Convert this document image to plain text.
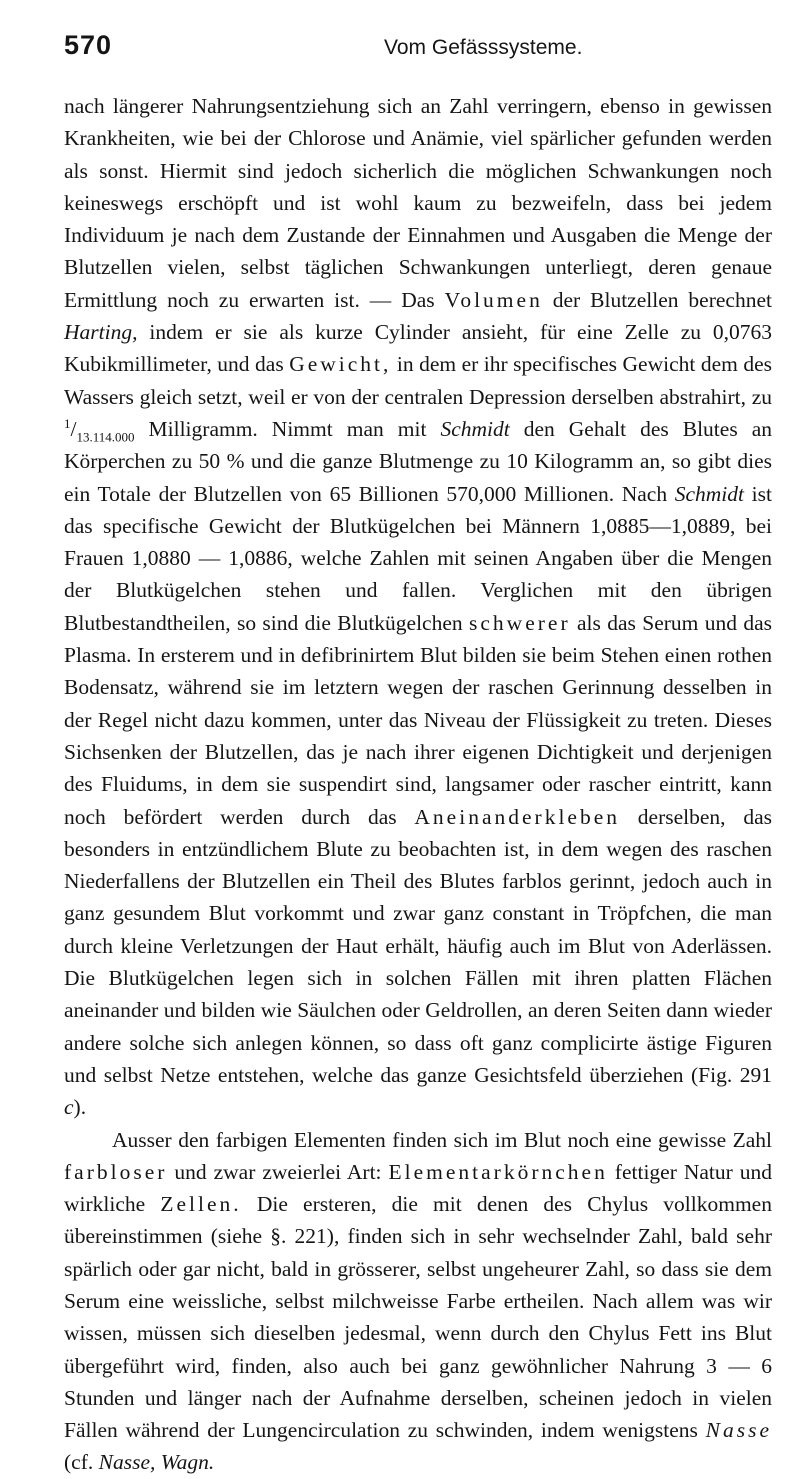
570	Vom Gefässsysteme.

nach längerer Nahrungsentziehung sich an Zahl verringern, ebenso in gewissen Krankheiten, wie bei der Chlorose und Anämie, viel spärlicher gefunden werden als sonst. Hiermit sind jedoch sicherlich die möglichen Schwankungen noch keineswegs erschöpft und ist wohl kaum zu bezweifeln, dass bei jedem Individuum je nach dem Zustande der Einnahmen und Ausgaben die Menge der Blutzellen vielen, selbst täglichen Schwankungen unterliegt, deren genaue Ermittlung noch zu erwarten ist. — Das Volumen der Blutzellen berechnet Harting, indem er sie als kurze Cylinder ansieht, für eine Zelle zu 0,0763 Kubikmillimeter, und das Gewicht, in dem er ihr specifisches Gewicht dem des Wassers gleich setzt, weil er von der centralen Depression derselben abstrahirt, zu $^1/_{13.114.000}$ Milligramm. Nimmt man mit Schmidt den Gehalt des Blutes an Körperchen zu 50 % und die ganze Blutmenge zu 10 Kilogramm an, so gibt dies ein Totale der Blutzellen von 65 Billionen 570,000 Millionen. Nach Schmidt ist das specifische Gewicht der Blutkügelchen bei Männern 1,0885—1,0889, bei Frauen 1,0880 — 1,0886, welche Zahlen mit seinen Angaben über die Mengen der Blutkügelchen stehen und fallen. Verglichen mit den übrigen Blutbestandtheilen, so sind die Blutkügelchen schwerer als das Serum und das Plasma. In ersterem und in defibrinirtem Blut bilden sie beim Stehen einen rothen Bodensatz, während sie im letztern wegen der raschen Gerinnung desselben in der Regel nicht dazu kommen, unter das Niveau der Flüssigkeit zu treten. Dieses Sichsenken der Blutzellen, das je nach ihrer eigenen Dichtigkeit und derjenigen des Fluidums, in dem sie suspendirt sind, langsamer oder rascher eintritt, kann noch befördert werden durch das Aneinanderkleben derselben, das besonders in entzündlichem Blute zu beobachten ist, in dem wegen des raschen Niederfallens der Blutzellen ein Theil des Blutes farblos gerinnt, jedoch auch in ganz gesundem Blut vorkommt und zwar ganz constant in Tröpfchen, die man durch kleine Verletzungen der Haut erhält, häufig auch im Blut von Aderlässen. Die Blutkügelchen legen sich in solchen Fällen mit ihren platten Flächen aneinander und bilden wie Säulchen oder Geldrollen, an deren Seiten dann wieder andere solche sich anlegen können, so dass oft ganz complicirte ästige Figuren und selbst Netze entstehen, welche das ganze Gesichtsfeld überziehen (Fig. 291 c).

Ausser den farbigen Elementen finden sich im Blut noch eine gewisse Zahl farbloser und zwar zweierlei Art: Elementarkörnchen fettiger Natur und wirkliche Zellen. Die ersteren, die mit denen des Chylus vollkommen übereinstimmen (siehe §. 221), finden sich in sehr wechselnder Zahl, bald sehr spärlich oder gar nicht, bald in grösserer, selbst ungeheurer Zahl, so dass sie dem Serum eine weissliche, selbst milchweisse Farbe ertheilen. Nach allem was wir wissen, müssen sich dieselben jedesmal, wenn durch den Chylus Fett ins Blut übergeführt wird, finden, also auch bei ganz gewöhnlicher Nahrung 3 — 6 Stunden und länger nach der Aufnahme derselben, scheinen jedoch in vielen Fällen während der Lungencirculation zu schwinden, indem wenigstens Nasse (cf. Nasse, Wagn.
